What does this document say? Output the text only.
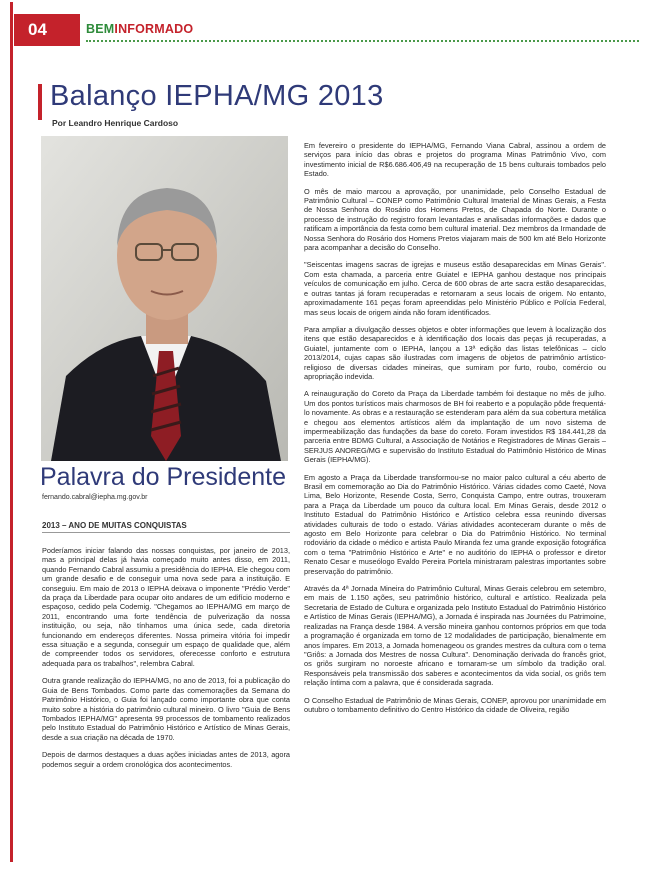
04	BEMINFORMADO
Balanço IEPHA/MG 2013
Por Leandro Henrique Cardoso
Palavra do Presidente
fernando.cabral@iepha.mg.gov.br
2013 – ANO DE MUITAS CONQUISTAS

Poderíamos iniciar falando das nossas conquistas, por janeiro de 2013, mas a principal delas já havia começado muito antes disso, em 2011, quando Fernando Cabral assumiu a presidência do IEPHA. Ele chegou com um grande desafio e de conseguir uma nova sede para a instituição. E conseguiu. Em maio de 2013 o IEPHA deixava o imponente "Prédio Verde" da praça da Liberdade para ocupar oito andares de um edifício moderno e espaçoso, cedido pela Codemig. "Chegamos ao IEPHA/MG em março de 2011, encontrando uma forte tendência de pulverização da nossa instituição, ou seja, não tínhamos uma única sede, cada diretoria funcionando em endereços diferentes. Nossa primeira vitória foi impedir essa situação e a segunda, conseguir um espaço de qualidade que, além de compreender todos os servidores, oferecesse conforto e estrutura adequada para os trabalhos", relembra Cabral.

Outra grande realização do IEPHA/MG, no ano de 2013, foi a publicação do Guia de Bens Tombados. Como parte das comemorações da Semana do Patrimônio Histórico, o Guia foi lançado como importante obra que conta muito sobre a história do patrimônio cultural mineiro. O livro "Guia de Bens Tombados IEPHA/MG" apresenta 99 processos de tombamento realizados pelo Instituto Estadual do Patrimônio Histórico e Artístico de Minas Gerais, desde a sua criação na década de 1970.

Depois de darmos destaques a duas ações iniciadas antes de 2013, agora podemos seguir a ordem cronológica dos acontecimentos.

Em fevereiro o presidente do IEPHA/MG, Fernando Viana Cabral, assinou a ordem de serviços para início das obras e projetos do programa Minas Patrimônio Vivo, com investimento inicial de R$6.686.406,49 na recuperação de 15 bens culturais tombados pelo Estado.

O mês de maio marcou a aprovação, por unanimidade, pelo Conselho Estadual de Patrimônio Cultural – CONEP como Patrimônio Cultural Imaterial de Minas Gerais, a Festa de Nossa Senhora do Rosário dos Homens Pretos, de Chapada do Norte. Durante o processo de instrução do registro foram levantadas e analisadas informações e dados que ratificam a importância da festa como bem cultural imaterial. Dez membros da Irmandade de Nossa Senhora do Rosário dos Homens Pretos viajaram mais de 500 km até Belo Horizonte para acompanhar a decisão do Conselho.

"Seiscentas imagens sacras de igrejas e museus estão desaparecidas em Minas Gerais". Com esta chamada, a parceria entre Guiatel e IEPHA ganhou destaque nos principais veículos de comunicação em julho. Cerca de 600 obras de arte sacra estão desaparecidas, e outras tantas já foram recuperadas e retornaram a seus locais de origem. No entanto, aproximadamente 161 peças foram apreendidas pelo Ministério Público e Polícia Federal, mas seus locais de origem ainda não foram identificados.

Para ampliar a divulgação desses objetos e obter informações que levem à localização dos itens que estão desaparecidos e à identificação dos locais das peças já recuperadas, a Guiatel, juntamente com o IEPHA, lançou a 13ª edição das listas telefônicas – ciclo 2013/2014, cujas capas são ilustradas com imagens de objetos de patrimônio artístico-religioso de diversas cidades mineiras, que sumiram por furto, roubo, comércio ou apropriação indevida.

A reinauguração do Coreto da Praça da Liberdade também foi destaque no mês de julho. Um dos pontos turísticos mais charmosos de BH foi reaberto e a população pôde frequentá-lo novamente. As obras e a restauração se estenderam para além da sua cobertura metálica e chegou aos elementos artísticos além da implantação de um novo sistema de impermeabilização das fundações da base do coreto. Foram investidos R$ 184.441,28 da parceria entre BDMG Cultural, a Associação de Notários e Registradores de Minas Gerais – SERJUS ANOREG/MG e supervisão do Instituto Estadual do Patrimônio Histórico de Minas Gerais (IEPHA/MG).

Em agosto a Praça da Liberdade transformou-se no maior palco cultural a céu aberto de Brasil em comemoração ao Dia do Patrimônio Histórico. Várias cidades como Caeté, Nova Lima, Belo Horizonte, Resende Costa, Serro, Conquista Campo, entre outras, trouxeram para a Praça da Liberdade um pouco da cultura local. Em Minas Gerais, desde 2012 o Instituto Estadual do Patrimônio Histórico e Artístico celebra essa reunindo diversas atividades culturais de todo o estado. Várias atividades aconteceram durante o mês de agosto em Belo Horizonte para celebrar o Dia do Patrimônio Histórico. No terminal rodoviário da cidade o médico e artista Paulo Miranda fez uma grande exposição fotográfica com o tema "Patrimônio Histórico e Arte" e no auditório do IEPHA o professor e diretor Renato Cesar e museólogo Evaldo Pereira Portela ministraram palestras importantes sobre preservação do patrimônio.

Através da 4ª Jornada Mineira do Patrimônio Cultural, Minas Gerais celebrou em setembro, em mais de 1.150 ações, seu patrimônio histórico, cultural e artístico. Realizada pela Secretaria de Estado de Cultura e organizada pelo Instituto Estadual do Patrimônio Histórico e Artístico de Minas Gerais (IEPHA/MG), a Jornada é inspirada nas Journées du Patrimoine, realizadas na França desde 1984. A versão mineira ganhou contornos próprios em que toda a programação é organizada em torno de 12 modalidades de participação, bienalmente em anos ímpares. Em 2013, a Jornada homenageou os grandes mestres da cultura com o tema "Griôs: a Jornada dos Mestres de nossa Cultura". Denominação derivada do francês griot, os griôs surgiram no noroeste africano e tornaram-se um símbolo da tradição oral. Responsáveis pela transmissão dos saberes e acontecimentos da vida social, os griôs tem relação íntima com a palavra, que é considerada sagrada.

O Conselho Estadual de Patrimônio de Minas Gerais, CONEP, aprovou por unanimidade em outubro o tombamento definitivo do Centro Histórico da cidade de Oliveira, região
